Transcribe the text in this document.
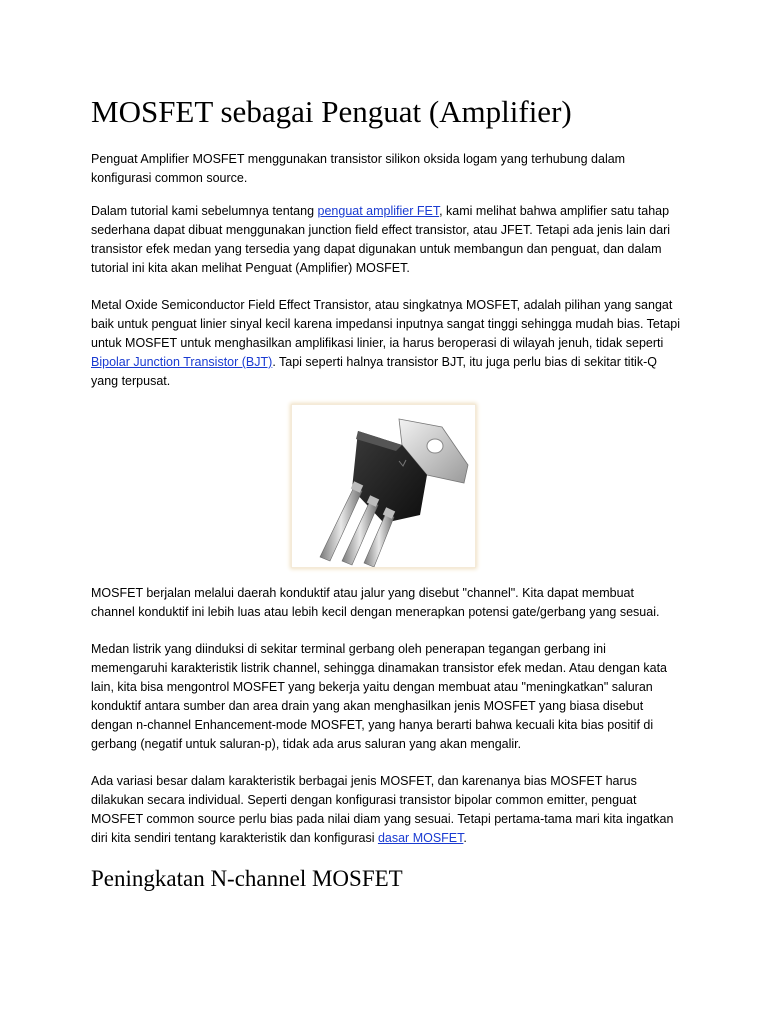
MOSFET sebagai Penguat (Amplifier)

Penguat Amplifier MOSFET menggunakan transistor silikon oksida logam yang terhubung dalam konfigurasi common source.

Dalam tutorial kami sebelumnya tentang penguat amplifier FET, kami melihat bahwa amplifier satu tahap sederhana dapat dibuat menggunakan junction field effect transistor, atau JFET. Tetapi ada jenis lain dari transistor efek medan yang tersedia yang dapat digunakan untuk membangun dan penguat, dan dalam tutorial ini kita akan melihat Penguat (Amplifier) MOSFET.

Metal Oxide Semiconductor Field Effect Transistor, atau singkatnya MOSFET, adalah pilihan yang sangat baik untuk penguat linier sinyal kecil karena impedansi inputnya sangat tinggi sehingga mudah bias. Tetapi untuk MOSFET untuk menghasilkan amplifikasi linier, ia harus beroperasi di wilayah jenuh, tidak seperti Bipolar Junction Transistor (BJT). Tapi seperti halnya transistor BJT, itu juga perlu bias di sekitar titik-Q yang terpusat.

MOSFET berjalan melalui daerah konduktif atau jalur yang disebut "channel". Kita dapat membuat channel konduktif ini lebih luas atau lebih kecil dengan menerapkan potensi gate/gerbang yang sesuai.

Medan listrik yang diinduksi di sekitar terminal gerbang oleh penerapan tegangan gerbang ini memengaruhi karakteristik listrik channel, sehingga dinamakan transistor efek medan. Atau dengan kata lain, kita bisa mengontrol MOSFET yang bekerja yaitu dengan membuat atau "meningkatkan" saluran konduktif antara sumber dan area drain yang akan menghasilkan jenis MOSFET yang biasa disebut dengan n-channel Enhancement-mode MOSFET, yang hanya berarti bahwa kecuali kita bias positif di gerbang (negatif untuk saluran-p), tidak ada arus saluran yang akan mengalir.

Ada variasi besar dalam karakteristik berbagai jenis MOSFET, dan karenanya bias MOSFET harus dilakukan secara individual. Seperti dengan konfigurasi transistor bipolar common emitter, penguat MOSFET common source perlu bias pada nilai diam yang sesuai. Tetapi pertama-tama mari kita ingatkan diri kita sendiri tentang karakteristik dan konfigurasi dasar MOSFET.

Peningkatan N-channel MOSFET
